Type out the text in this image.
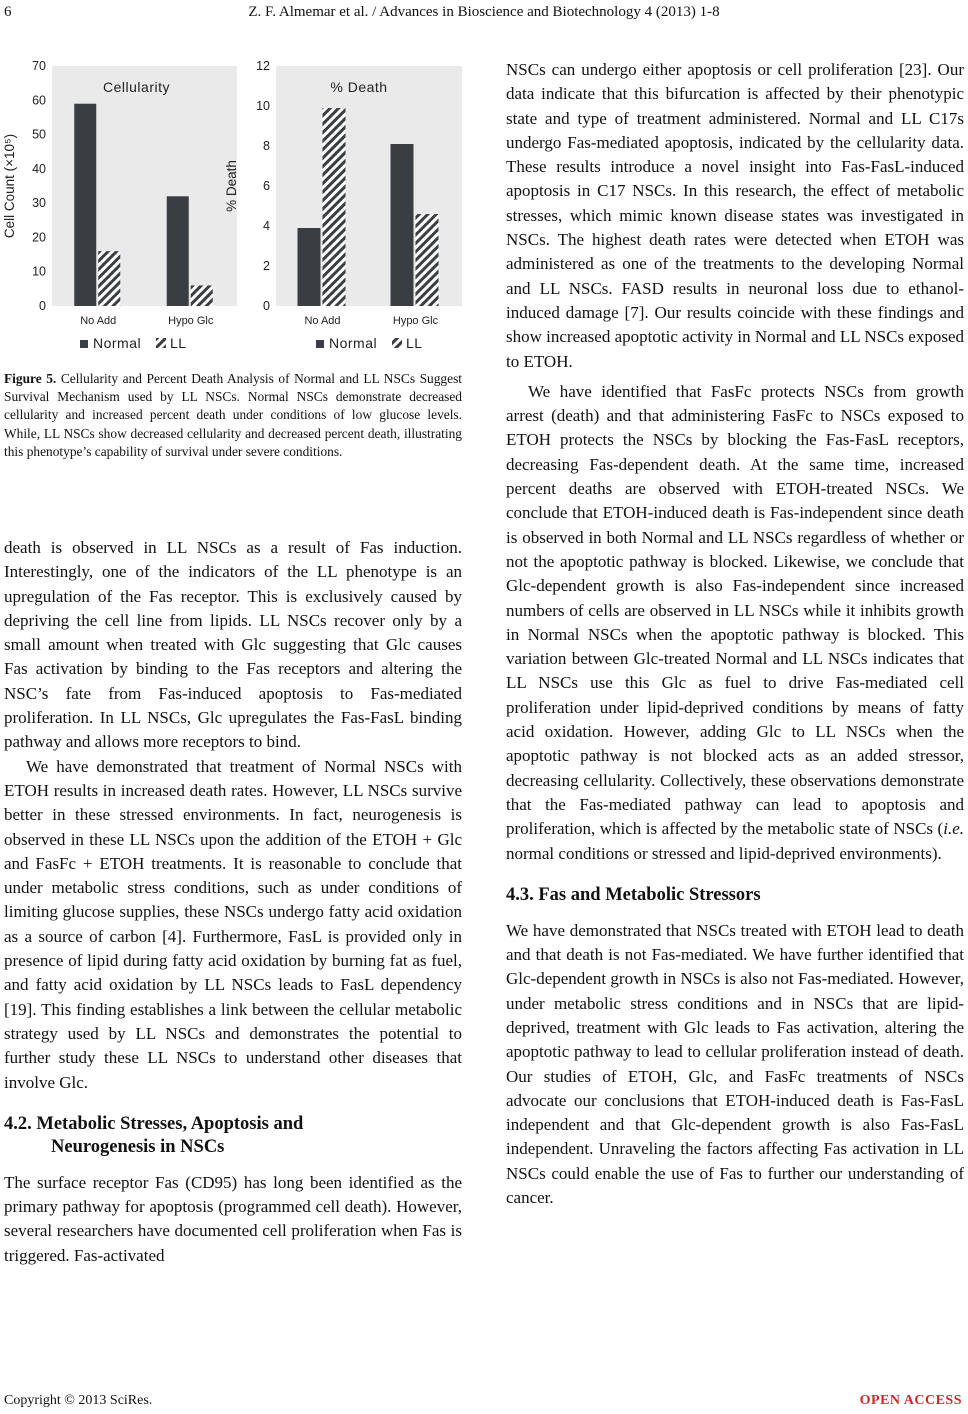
6	Z. F. Almemar et al. / Advances in Bioscience and Biotechnology 4 (2013) 1-8
0
10
20
30
40
50
60
70
Cellularity
Cell Count (×10⁵)
No Add	Hypo Glc
Normal LL
0
2
4
6
8
10
12
% Death
% Death
No Add	Hypo Glc
Normal LL
Figure 5. Cellularity and Percent Death Analysis of Normal and LL NSCs Suggest Survival Mechanism used by LL NSCs. Normal NSCs demonstrate decreased cellularity and increased percent death under conditions of low glucose levels. While, LL NSCs show decreased cellularity and decreased percent death, illustrating this phenotype’s capability of survival under severe conditions.

death is observed in LL NSCs as a result of Fas induction. Interestingly, one of the indicators of the LL phenotype is an upregulation of the Fas receptor. This is exclusively caused by depriving the cell line from lipids. LL NSCs recover only by a small amount when treated with Glc suggesting that Glc causes Fas activation by binding to the Fas receptors and altering the NSC’s fate from Fas-induced apoptosis to Fas-mediated proliferation. In LL NSCs, Glc upregulates the Fas-FasL binding pathway and allows more receptors to bind.

We have demonstrated that treatment of Normal NSCs with ETOH results in increased death rates. However, LL NSCs survive better in these stressed environments. In fact, neurogenesis is observed in these LL NSCs upon the addition of the ETOH + Glc and FasFc + ETOH treatments. It is reasonable to conclude that under metabolic stress conditions, such as under conditions of limiting glucose supplies, these NSCs undergo fatty acid oxidation as a source of carbon [4]. Furthermore, FasL is provided only in presence of lipid during fatty acid oxidation by burning fat as fuel, and fatty acid oxidation by LL NSCs leads to FasL dependency [19]. This finding establishes a link between the cellular metabolic strategy used by LL NSCs and demonstrates the potential to further study these LL NSCs to understand other diseases that involve Glc.

4.2. Metabolic Stresses, Apoptosis and
Neurogenesis in NSCs

The surface receptor Fas (CD95) has long been identified as the primary pathway for apoptosis (programmed cell death). However, several researchers have documented cell proliferation when Fas is triggered. Fas-activated

NSCs can undergo either apoptosis or cell proliferation [23]. Our data indicate that this bifurcation is affected by their phenotypic state and type of treatment administered. Normal and LL C17s undergo Fas-mediated apoptosis, indicated by the cellularity data. These results introduce a novel insight into Fas-FasL-induced apoptosis in C17 NSCs. In this research, the effect of metabolic stresses, which mimic known disease states was investigated in NSCs. The highest death rates were detected when ETOH was administered as one of the treatments to the developing Normal and LL NSCs. FASD results in neuronal loss due to ethanol-induced damage [7]. Our results coincide with these findings and show increased apoptotic activity in Normal and LL NSCs exposed to ETOH.

We have identified that FasFc protects NSCs from growth arrest (death) and that administering FasFc to NSCs exposed to ETOH protects the NSCs by blocking the Fas-FasL receptors, decreasing Fas-dependent death. At the same time, increased percent deaths are observed with ETOH-treated NSCs. We conclude that ETOH-induced death is Fas-independent since death is observed in both Normal and LL NSCs regardless of whether or not the apoptotic pathway is blocked. Likewise, we conclude that Glc-dependent growth is also Fas-independent since increased numbers of cells are observed in LL NSCs while it inhibits growth in Normal NSCs when the apoptotic pathway is blocked. This variation between Glc-treated Normal and LL NSCs indicates that LL NSCs use this Glc as fuel to drive Fas-mediated cell proliferation under lipid-deprived conditions by means of fatty acid oxidation. However, adding Glc to LL NSCs when the apoptotic pathway is not blocked acts as an added stressor, decreasing cellularity. Collectively, these observations demonstrate that the Fas-mediated pathway can lead to apoptosis and proliferation, which is affected by the metabolic state of NSCs (i.e. normal conditions or stressed and lipid-deprived environments).

4.3. Fas and Metabolic Stressors

We have demonstrated that NSCs treated with ETOH lead to death and that death is not Fas-mediated. We have further identified that Glc-dependent growth in NSCs is also not Fas-mediated. However, under metabolic stress conditions and in NSCs that are lipid-deprived, treatment with Glc leads to Fas activation, altering the apoptotic pathway to lead to cellular proliferation instead of death. Our studies of ETOH, Glc, and FasFc treatments of NSCs advocate our conclusions that ETOH-induced death is Fas-FasL independent and that Glc-dependent growth is also Fas-FasL independent. Unraveling the factors affecting Fas activation in LL NSCs could enable the use of Fas to further our understanding of cancer.

Copyright © 2013 SciRes.	OPEN ACCESS
